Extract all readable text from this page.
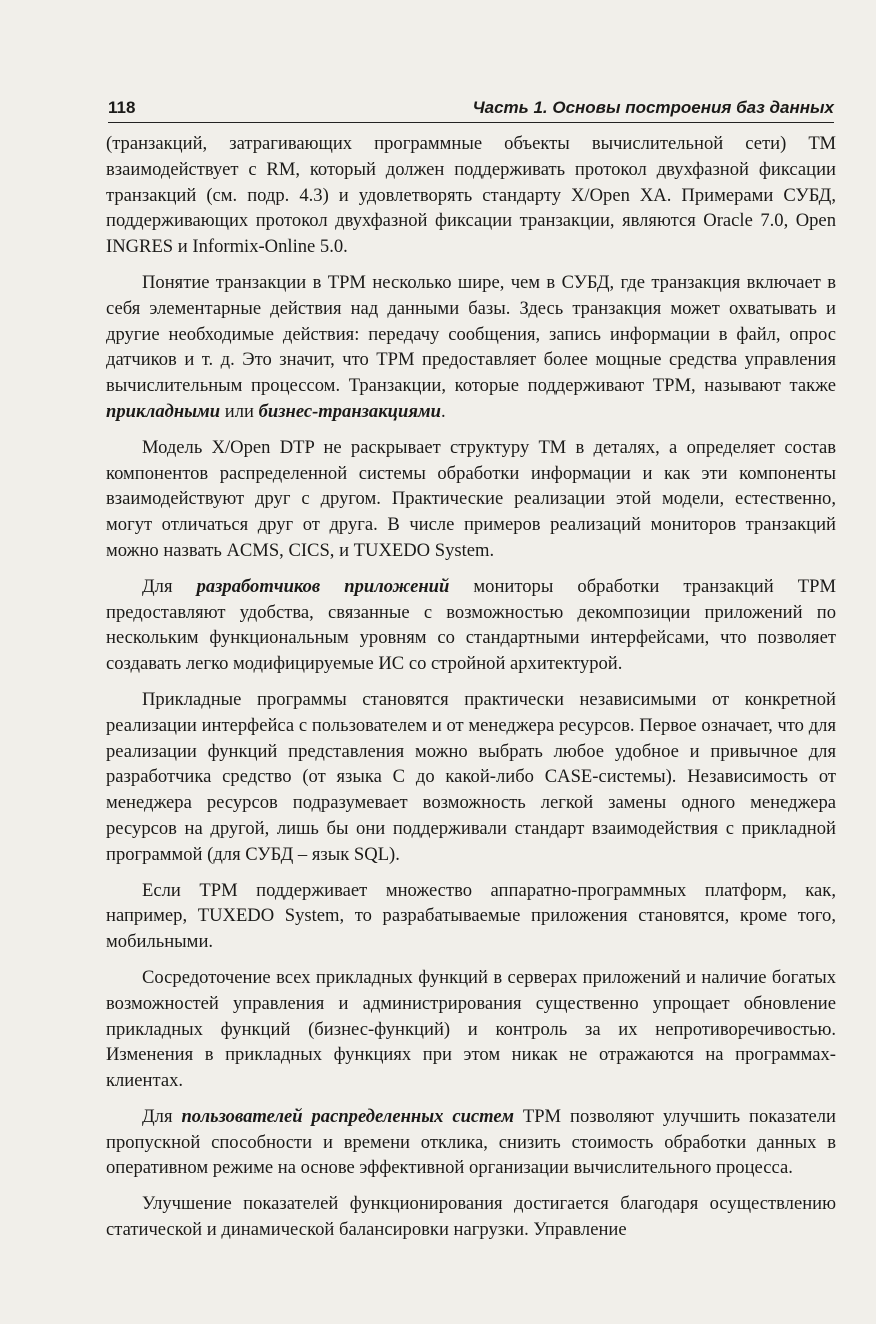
118	Часть 1. Основы построения баз данных

(транзакций, затрагивающих программные объекты вычислительной сети) ТМ взаимодействует с RM, который должен поддерживать протокол двухфазной фиксации транзакций (см. подр. 4.3) и удовлетворять стандарту X/Open XA. Примерами СУБД, поддерживающих протокол двухфазной фиксации транзакции, являются Oracle 7.0, Open INGRES и Informix-Online 5.0.

Понятие транзакции в ТРМ несколько шире, чем в СУБД, где транзакция включает в себя элементарные действия над данными базы. Здесь транзакция может охватывать и другие необходимые действия: передачу сообщения, запись информации в файл, опрос датчиков и т. д. Это значит, что ТРМ предоставляет более мощные средства управления вычислительным процессом. Транзакции, которые поддерживают ТРМ, называют также прикладными или бизнес-транзакциями.

Модель X/Open DTP не раскрывает структуру ТМ в деталях, а определяет состав компонентов распределенной системы обработки информации и как эти компоненты взаимодействуют друг с другом. Практические реализации этой модели, естественно, могут отличаться друг от друга. В числе примеров реализаций мониторов транзакций можно назвать ACMS, CICS, и TUXEDO System.

Для разработчиков приложений мониторы обработки транзакций ТРМ предоставляют удобства, связанные с возможностью декомпозиции приложений по нескольким функциональным уровням со стандартными интерфейсами, что позволяет создавать легко модифицируемые ИС со стройной архитектурой.

Прикладные программы становятся практически независимыми от конкретной реализации интерфейса с пользователем и от менеджера ресурсов. Первое означает, что для реализации функций представления можно выбрать любое удобное и привычное для разработчика средство (от языка С до какой-либо CASE-системы). Независимость от менеджера ресурсов подразумевает возможность легкой замены одного менеджера ресурсов на другой, лишь бы они поддерживали стандарт взаимодействия с прикладной программой (для СУБД – язык SQL).

Если ТРМ поддерживает множество аппаратно-программных платформ, как, например, TUXEDO System, то разрабатываемые приложения становятся, кроме того, мобильными.

Сосредоточение всех прикладных функций в серверах приложений и наличие богатых возможностей управления и администрирования существенно упрощает обновление прикладных функций (бизнес-функций) и контроль за их непротиворечивостью. Изменения в прикладных функциях при этом никак не отражаются на программах-клиентах.

Для пользователей распределенных систем ТРМ позволяют улучшить показатели пропускной способности и времени отклика, снизить стоимость обработки данных в оперативном режиме на основе эффективной организации вычислительного процесса.

Улучшение показателей функционирования достигается благодаря осуществлению статической и динамической балансировки нагрузки. Управление
